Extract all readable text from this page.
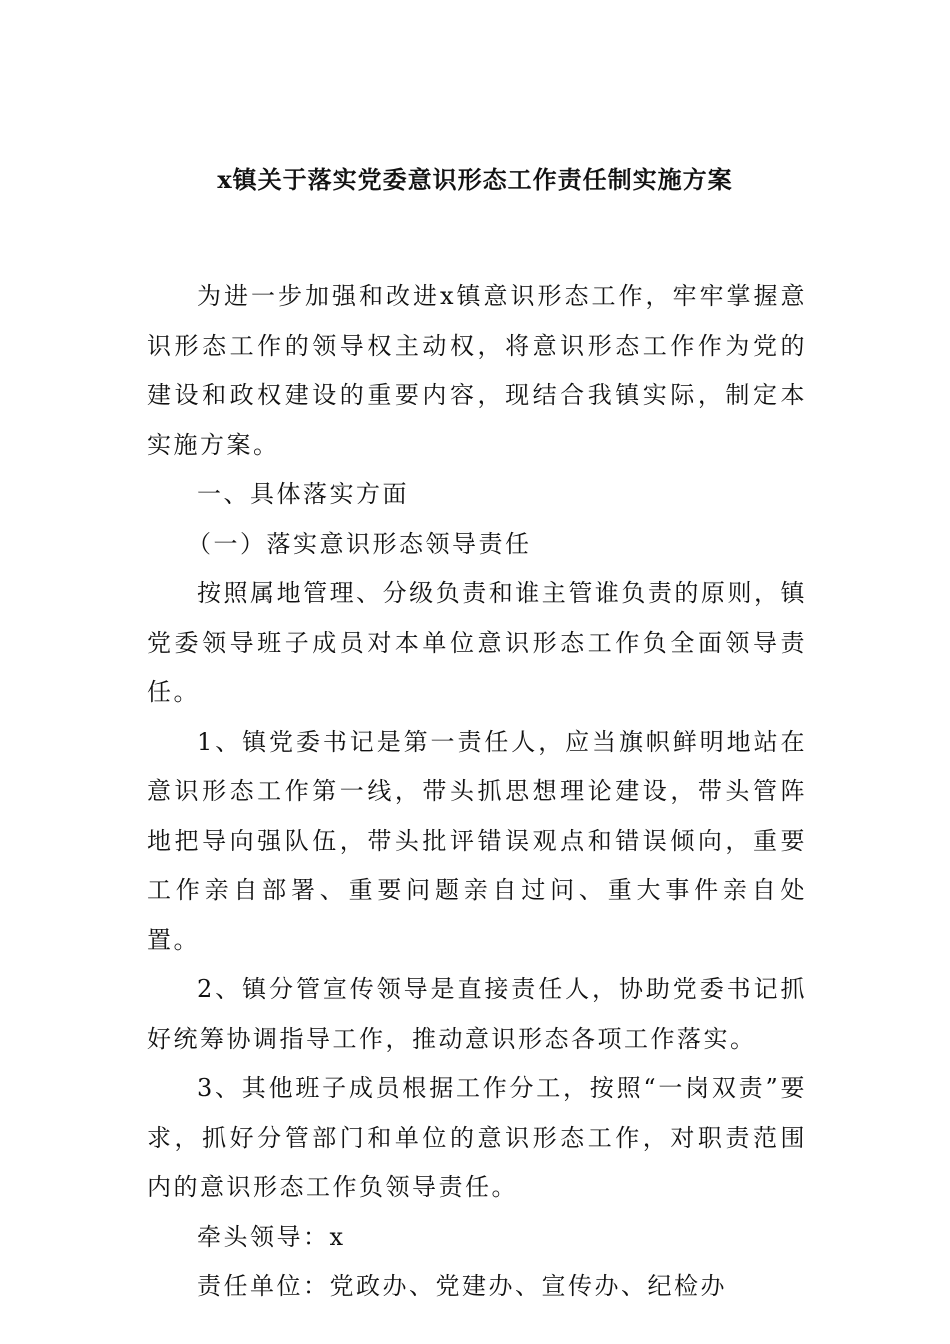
x镇关于落实党委意识形态工作责任制实施方案

为进一步加强和改进x镇意识形态工作，牢牢掌握意识形态工作的领导权主动权，将意识形态工作作为党的建设和政权建设的重要内容，现结合我镇实际，制定本实施方案。

一、具体落实方面

（一）落实意识形态领导责任

按照属地管理、分级负责和谁主管谁负责的原则，镇党委领导班子成员对本单位意识形态工作负全面领导责任。

1、镇党委书记是第一责任人，应当旗帜鲜明地站在意识形态工作第一线，带头抓思想理论建设，带头管阵地把导向强队伍，带头批评错误观点和错误倾向，重要工作亲自部署、重要问题亲自过问、重大事件亲自处置。

2、镇分管宣传领导是直接责任人，协助党委书记抓好统筹协调指导工作，推动意识形态各项工作落实。

3、其他班子成员根据工作分工，按照“一岗双责”要求，抓好分管部门和单位的意识形态工作，对职责范围内的意识形态工作负领导责任。

牵头领导：x

责任单位：党政办、党建办、宣传办、纪检办
